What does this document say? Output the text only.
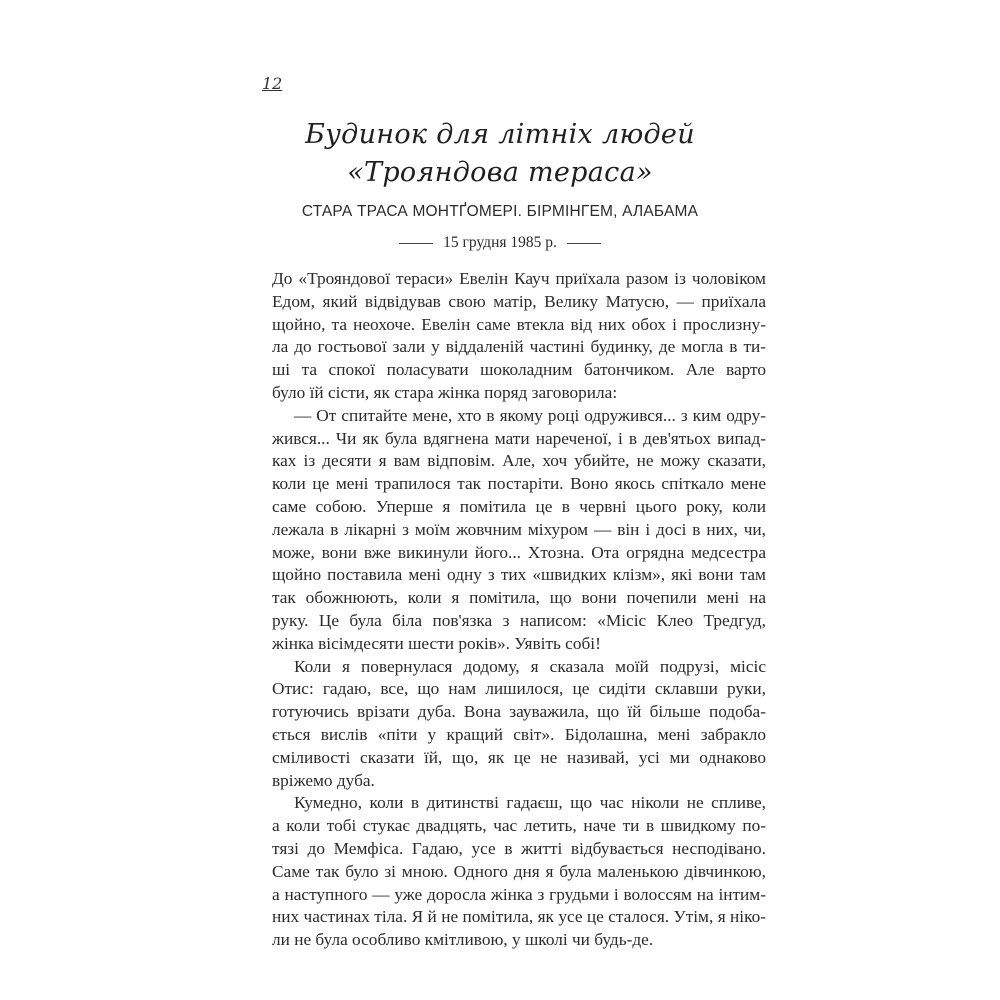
12
Будинок для літніх людей
«Трояндова тераса»
СТАРА ТРАСА МОНТҐОМЕРІ. БІРМІНГЕМ, АЛАБАМА
15 грудня 1985 р.
До «Трояндової тераси» Евелін Кауч приїхала разом із чоловіком
Едом, який відвідував свою матір, Велику Матусю, — приїхала
щойно, та неохоче. Евелін саме втекла від них обох і прослизну-
ла до гостьової зали у віддаленій частині будинку, де могла в ти-
ші та спокої поласувати шоколадним батончиком. Але варто
було їй сісти, як стара жінка поряд заговорила:
— От спитайте мене, хто в якому році одружився... з ким одру-
жився... Чи як була вдягнена мати нареченої, і в дев'ятьох випад-
ках із десяти я вам відповім. Але, хоч убийте, не можу сказати,
коли це мені трапилося так постаріти. Воно якось спіткало мене
саме собою. Уперше я помітила це в червні цього року, коли
лежала в лікарні з моїм жовчним міхуром — він і досі в них, чи,
може, вони вже викинули його... Хтозна. Ота огрядна медсестра
щойно поставила мені одну з тих «швидких клізм», які вони там
так обожнюють, коли я помітила, що вони почепили мені на
руку. Це була біла пов'язка з написом: «Місіс Клео Тредгуд,
жінка вісімдесяти шести років». Уявіть собі!
Коли я повернулася додому, я сказала моїй подрузі, місіс
Отис: гадаю, все, що нам лишилося, це сидіти склавши руки,
готуючись врізати дуба. Вона зауважила, що їй більше подоба-
ється вислів «піти у кращий світ». Бідолашна, мені забракло
сміливості сказати їй, що, як це не називай, усі ми однаково
вріжемо дуба.
Кумедно, коли в дитинстві гадаєш, що час ніколи не спливе,
а коли тобі стукає двадцять, час летить, наче ти в швидкому по-
тязі до Мемфіса. Гадаю, усе в житті відбувається несподівано.
Саме так було зі мною. Одного дня я була маленькою дівчинкою,
а наступного — уже доросла жінка з грудьми і волоссям на інтим-
них частинах тіла. Я й не помітила, як усе це сталося. Утім, я ніко-
ли не була особливо кмітливою, у школі чи будь-де.
